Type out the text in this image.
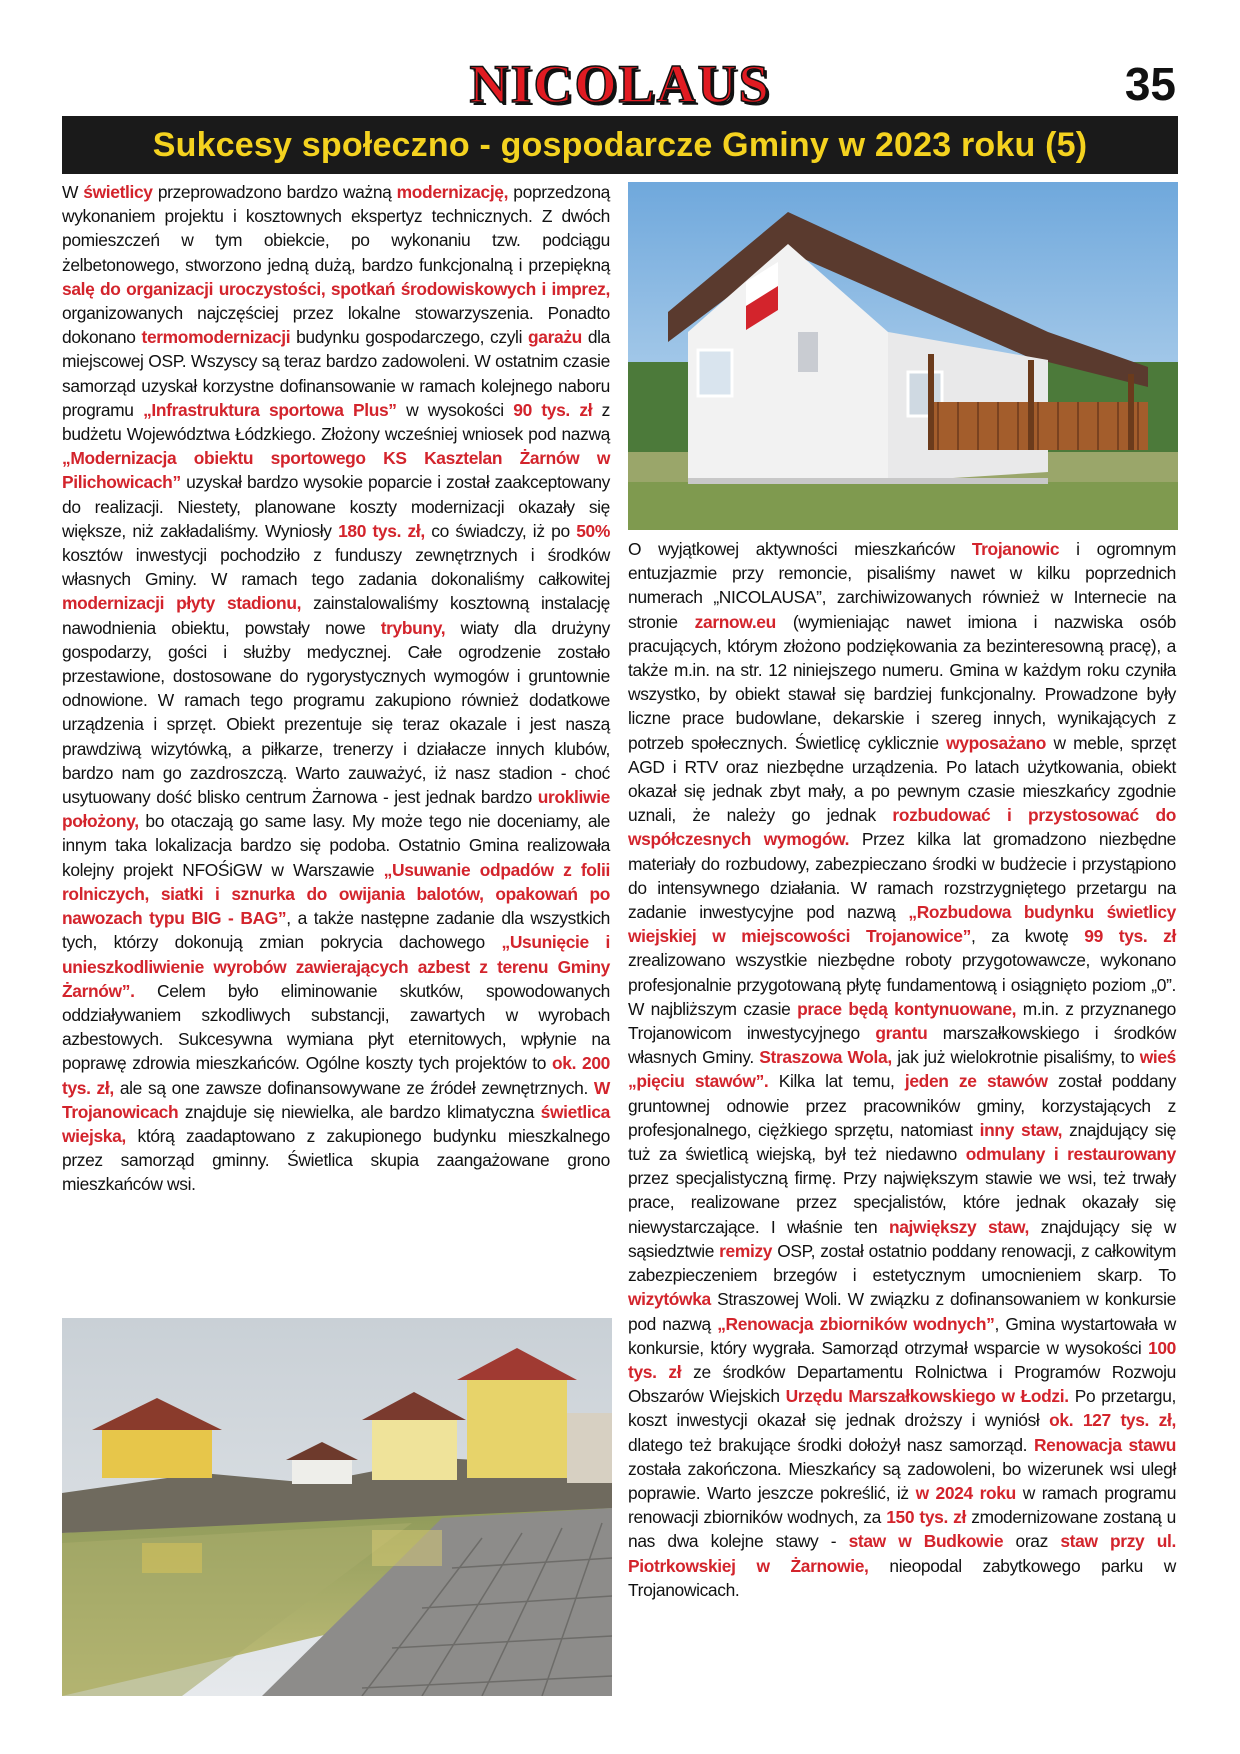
NICOLAUS	35
Sukcesy społeczno - gospodarcze Gminy w 2023 roku (5)

W świetlicy przeprowadzono bardzo ważną modernizację, poprzedzoną wykonaniem projektu i kosztownych ekspertyz technicznych. Z dwóch pomieszczeń w tym obiekcie, po wykonaniu tzw. podciągu żelbetonowego, stworzono jedną dużą, bardzo funkcjonalną i przepiękną salę do organizacji uroczystości, spotkań środowiskowych i imprez, organizowanych najczęściej przez lokalne stowarzyszenia. Ponadto dokonano termomodernizacji budynku gospodarczego, czyli garażu dla miejscowej OSP. Wszyscy są teraz bardzo zadowoleni. W ostatnim czasie samorząd uzyskał korzystne dofinansowanie w ramach kolejnego naboru programu „Infrastruktura sportowa Plus” w wysokości 90 tys. zł z budżetu Województwa Łódzkiego. Złożony wcześniej wniosek pod nazwą „Modernizacja obiektu sportowego KS Kasztelan Żarnów w Pilichowicach” uzyskał bardzo wysokie poparcie i został zaakceptowany do realizacji. Niestety, planowane koszty modernizacji okazały się większe, niż zakładaliśmy. Wyniosły 180 tys. zł, co świadczy, iż po 50% kosztów inwestycji pochodziło z funduszy zewnętrznych i środków własnych Gminy. W ramach tego zadania dokonaliśmy całkowitej modernizacji płyty stadionu, zainstalowaliśmy kosztowną instalację nawodnienia obiektu, powstały nowe trybuny, wiaty dla drużyny gospodarzy, gości i służby medycznej. Całe ogrodzenie zostało przestawione, dostosowane do rygorystycznych wymogów i gruntownie odnowione. W ramach tego programu zakupiono również dodatkowe urządzenia i sprzęt. Obiekt prezentuje się teraz okazale i jest naszą prawdziwą wizytówką, a piłkarze, trenerzy i działacze innych klubów, bardzo nam go zazdroszczą. Warto zauważyć, iż nasz stadion - choć usytuowany dość blisko centrum Żarnowa - jest jednak bardzo urokliwie położony, bo otaczają go same lasy. My może tego nie doceniamy, ale innym taka lokalizacja bardzo się podoba. Ostatnio Gmina realizowała kolejny projekt NFOŚiGW w Warszawie „Usuwanie odpadów z folii rolniczych, siatki i sznurka do owijania balotów, opakowań po nawozach typu BIG - BAG”, a także następne zadanie dla wszystkich tych, którzy dokonują zmian pokrycia dachowego „Usunięcie i unieszkodliwienie wyrobów zawierających azbest z terenu Gminy Żarnów”. Celem było eliminowanie skutków, spowodowanych oddziaływaniem szkodliwych substancji, zawartych w wyrobach azbestowych. Sukcesywna wymiana płyt eternitowych, wpłynie na poprawę zdrowia mieszkańców. Ogólne koszty tych projektów to ok. 200 tys. zł, ale są one zawsze dofinansowywane ze źródeł zewnętrznych. W Trojanowicach znajduje się niewielka, ale bardzo klimatyczna świetlica wiejska, którą zaadaptowano z zakupionego budynku mieszkalnego przez samorząd gminny. Świetlica skupia zaangażowane grono mieszkańców wsi.

O wyjątkowej aktywności mieszkańców Trojanowic i ogromnym entuzjazmie przy remoncie, pisaliśmy nawet w kilku poprzednich numerach „NICOLAUSA”, zarchiwizowanych również w Internecie na stronie zarnow.eu (wymieniając nawet imiona i nazwiska osób pracujących, którym złożono podziękowania za bezinteresowną pracę), a także m.in. na str. 12 niniejszego numeru. Gmina w każdym roku czyniła wszystko, by obiekt stawał się bardziej funkcjonalny. Prowadzone były liczne prace budowlane, dekarskie i szereg innych, wynikających z potrzeb społecznych. Świetlicę cyklicznie wyposażano w meble, sprzęt AGD i RTV oraz niezbędne urządzenia. Po latach użytkowania, obiekt okazał się jednak zbyt mały, a po pewnym czasie mieszkańcy zgodnie uznali, że należy go jednak rozbudować i przystosować do współczesnych wymogów. Przez kilka lat gromadzono niezbędne materiały do rozbudowy, zabezpieczano środki w budżecie i przystąpiono do intensywnego działania. W ramach rozstrzygniętego przetargu na zadanie inwestycyjne pod nazwą „Rozbudowa budynku świetlicy wiejskiej w miejscowości Trojanowice”, za kwotę 99 tys. zł zrealizowano wszystkie niezbędne roboty przygotowawcze, wykonano profesjonalnie przygotowaną płytę fundamentową i osiągnięto poziom „0”. W najbliższym czasie prace będą kontynuowane, m.in. z przyznanego Trojanowicom inwestycyjnego grantu marszałkowskiego i środków własnych Gminy. Straszowa Wola, jak już wielokrotnie pisaliśmy, to wieś „pięciu stawów”. Kilka lat temu, jeden ze stawów został poddany gruntownej odnowie przez pracowników gminy, korzystających z profesjonalnego, ciężkiego sprzętu, natomiast inny staw, znajdujący się tuż za świetlicą wiejską, był też niedawno odmulany i restaurowany przez specjalistyczną firmę. Przy największym stawie we wsi, też trwały prace, realizowane przez specjalistów, które jednak okazały się niewystarczające. I właśnie ten największy staw, znajdujący się w sąsiedztwie remizy OSP, został ostatnio poddany renowacji, z całkowitym zabezpieczeniem brzegów i estetycznym umocnieniem skarp. To wizytówka Straszowej Woli. W związku z dofinansowaniem w konkursie pod nazwą „Renowacja zbiorników wodnych”, Gmina wystartowała w konkursie, który wygrała. Samorząd otrzymał wsparcie w wysokości 100 tys. zł ze środków Departamentu Rolnictwa i Programów Rozwoju Obszarów Wiejskich Urzędu Marszałkowskiego w Łodzi. Po przetargu, koszt inwestycji okazał się jednak droższy i wyniósł ok. 127 tys. zł, dlatego też brakujące środki dołożył nasz samorząd. Renowacja stawu została zakończona. Mieszkańcy są zadowoleni, bo wizerunek wsi uległ poprawie. Warto jeszcze pokreślić, iż w 2024 roku w ramach programu renowacji zbiorników wodnych, za 150 tys. zł zmodernizowane zostaną u nas dwa kolejne stawy - staw w Budkowie oraz staw przy ul. Piotrkowskiej w Żarnowie, nieopodal zabytkowego parku w Trojanowicach.
